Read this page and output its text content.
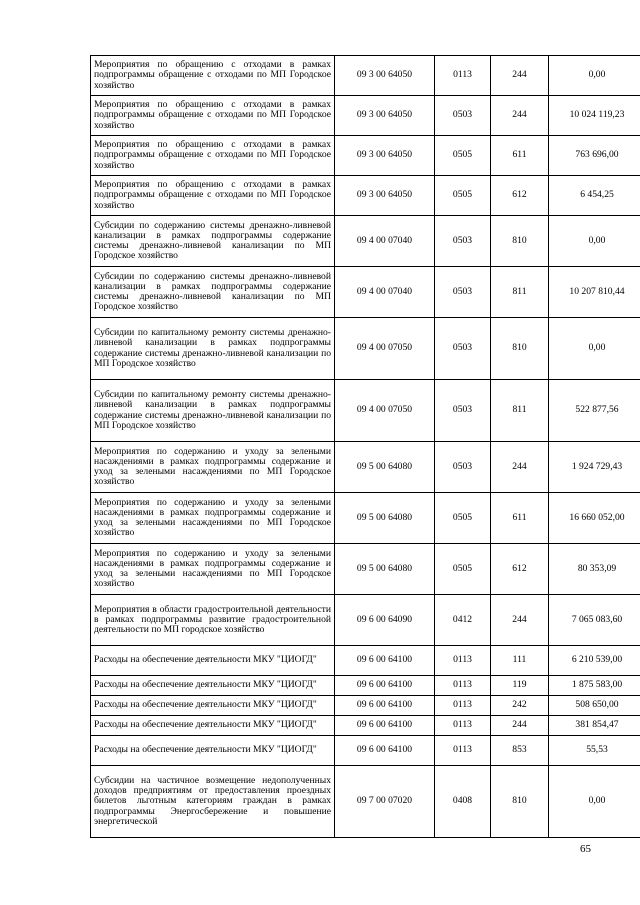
Мероприятия по обращению с отходами в рамках подпрограммы обращение с отходами по МП Городское хозяйство	09 3 00 64050	0113	244	0,00
Мероприятия по обращению с отходами в рамках подпрограммы обращение с отходами по МП Городское хозяйство	09 3 00 64050	0503	244	10 024 119,23
Мероприятия по обращению с отходами в рамках подпрограммы обращение с отходами по МП Городское хозяйство	09 3 00 64050	0505	611	763 696,00
Мероприятия по обращению с отходами в рамках подпрограммы обращение с отходами по МП Городское хозяйство	09 3 00 64050	0505	612	6 454,25
Субсидии по содержанию системы дренажно-ливневой канализации в рамках подпрограммы содержание системы дренажно-ливневой канализации по МП Городское хозяйство	09 4 00 07040	0503	810	0,00
Субсидии по содержанию системы дренажно-ливневой канализации в рамках подпрограммы содержание системы дренажно-ливневой канализации по МП Городское хозяйство	09 4 00 07040	0503	811	10 207 810,44
Субсидии по капитальному ремонту системы дренажно-ливневой канализации в рамках подпрограммы содержание системы дренажно-ливневой канализации по МП Городское хозяйство	09 4 00 07050	0503	810	0,00
Субсидии по капитальному ремонту системы дренажно-ливневой канализации в рамках подпрограммы содержание системы дренажно-ливневой канализации по МП Городское хозяйство	09 4 00 07050	0503	811	522 877,56
Мероприятия по содержанию и уходу за зелеными насаждениями в рамках подпрограммы содержание и уход за зелеными насаждениями по МП Городское хозяйство	09 5 00 64080	0503	244	1 924 729,43
Мероприятия по содержанию и уходу за зелеными насаждениями в рамках подпрограммы содержание и уход за зелеными насаждениями по МП Городское хозяйство	09 5 00 64080	0505	611	16 660 052,00
Мероприятия по содержанию и уходу за зелеными насаждениями в рамках подпрограммы содержание и уход за зелеными насаждениями по МП Городское хозяйство	09 5 00 64080	0505	612	80 353,09
Мероприятия в области градостроительной деятельности в рамках подпрограммы развитие градостроительной деятельности по МП городское хозяйство	09 6 00 64090	0412	244	7 065 083,60
Расходы на обеспечение деятельности МКУ "ЦИОГД"	09 6 00 64100	0113	111	6 210 539,00
Расходы на обеспечение деятельности МКУ "ЦИОГД"	09 6 00 64100	0113	119	1 875 583,00
Расходы на обеспечение деятельности МКУ "ЦИОГД"	09 6 00 64100	0113	242	508 650,00
Расходы на обеспечение деятельности МКУ "ЦИОГД"	09 6 00 64100	0113	244	381 854,47
Расходы на обеспечение деятельности МКУ "ЦИОГД"	09 6 00 64100	0113	853	55,53
Субсидии на частичное возмещение недополученных доходов предприятиям от предоставления проездных билетов льготным категориям граждан в рамках подпрограммы Энергосбережение и повышение энергетической	09 7 00 07020	0408	810	0,00
65
